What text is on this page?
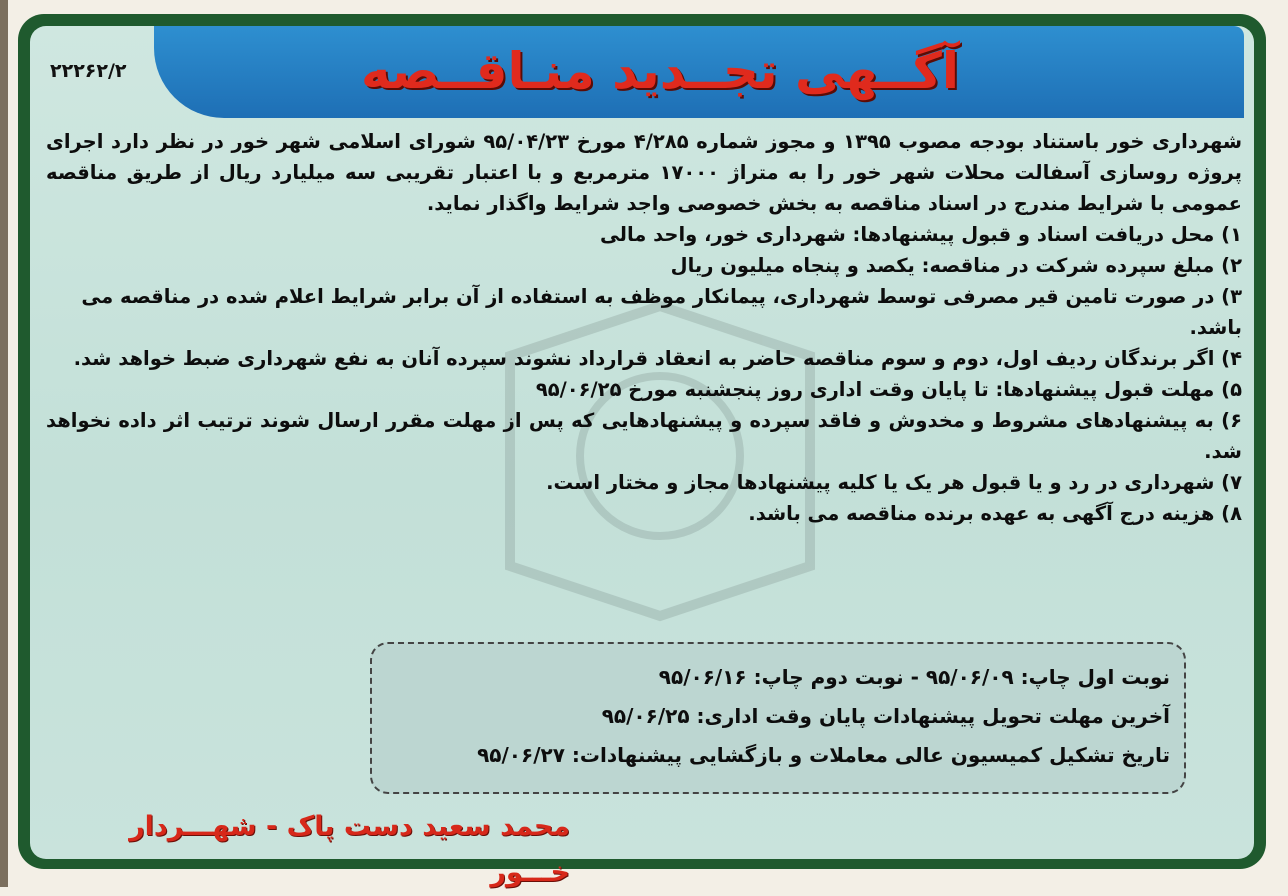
آگــهی تجــدید منـاقــصه
۲۲۲۶۲/۲

شهرداری خور باستناد بودجه مصوب ۱۳۹۵ و مجوز شماره ۴/۲۸۵ مورخ ۹۵/۰۴/۲۳ شورای اسلامی شهر خور در نظر دارد اجرای پروژه روسازی آسفالت محلات شهر خور را به متراژ ۱۷۰۰۰ مترمربع و با اعتبار تقریبی سه میلیارد ریال از طریق مناقصه عمومی با شرایط مندرج در اسناد مناقصه به بخش خصوصی واجد شرایط واگذار نماید.

۱) محل دریافت اسناد و قبول پیشنهادها: شهرداری خور، واحد مالی

۲) مبلغ سپرده شرکت در مناقصه: یکصد و پنجاه میلیون ریال

۳) در صورت تامین قیر مصرفی توسط شهرداری، پیمانکار موظف به استفاده از آن برابر شرایط اعلام شده در مناقصه می باشد.

۴) اگر برندگان ردیف اول، دوم و سوم مناقصه حاضر به انعقاد قرارداد نشوند سپرده آنان به نفع شهرداری ضبط خواهد شد.

۵) مهلت قبول پیشنهادها: تا پایان وقت اداری روز پنجشنبه مورخ ۹۵/۰۶/۲۵

۶) به پیشنهادهای مشروط و مخدوش و فاقد سپرده و پیشنهادهایی که پس از مهلت مقرر ارسال شوند ترتیب اثر داده نخواهد شد.

۷) شهرداری در رد و یا قبول هر یک یا کلیه پیشنهادها مجاز و مختار است.

۸) هزینه درج آگهی به عهده برنده مناقصه می باشد.

نوبت اول چاپ: ۹۵/۰۶/۰۹ - نوبت دوم چاپ: ۹۵/۰۶/۱۶
آخرین مهلت تحویل پیشنهادات پایان وقت اداری: ۹۵/۰۶/۲۵
تاریخ تشکیل کمیسیون عالی معاملات و بازگشایی پیشنهادات: ۹۵/۰۶/۲۷
محمد سعید دست پاک - شهـــردار خـــور
